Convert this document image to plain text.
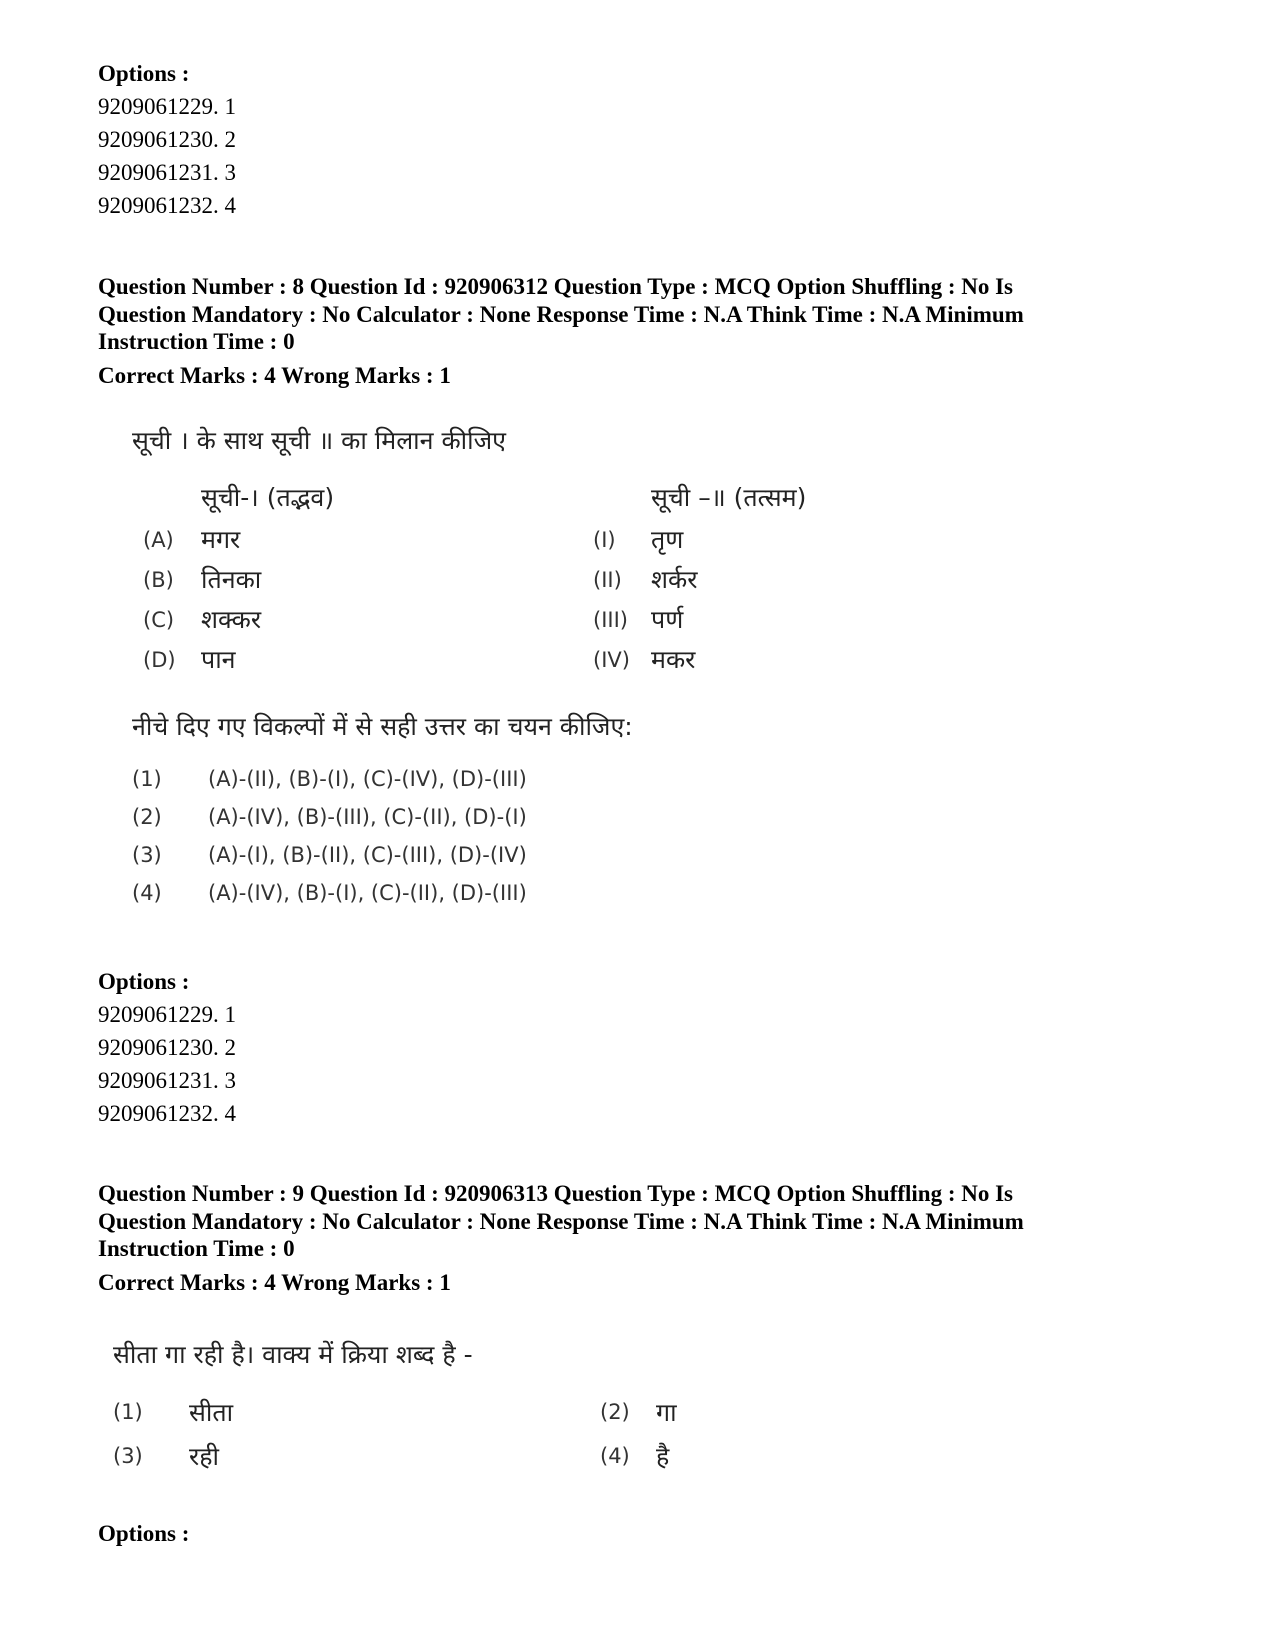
Options :
9209061229. 1
9209061230. 2
9209061231. 3
9209061232. 4
Question Number : 8 Question Id : 920906312 Question Type : MCQ Option Shuffling : No Is
Question Mandatory : No Calculator : None Response Time : N.A Think Time : N.A Minimum
Instruction Time : 0
Correct Marks : 4 Wrong Marks : 1
सूची । के साथ सूची ॥ का मिलान कीजिए
सूची-। (तद्भव)	सूची –॥ (तत्सम)
(A) मगर	(I) तृण
(B) तिनका	(II) शर्कर
(C) शक्कर	(III) पर्ण
(D) पान	(IV) मकर
नीचे दिए गए विकल्पों में से सही उत्तर का चयन कीजिए:
(1) (A)-(II), (B)-(I), (C)-(IV), (D)-(III)
(2) (A)-(IV), (B)-(III), (C)-(II), (D)-(I)
(3) (A)-(I), (B)-(II), (C)-(III), (D)-(IV)
(4) (A)-(IV), (B)-(I), (C)-(II), (D)-(III)
Options :
9209061229. 1
9209061230. 2
9209061231. 3
9209061232. 4
Question Number : 9 Question Id : 920906313 Question Type : MCQ Option Shuffling : No Is
Question Mandatory : No Calculator : None Response Time : N.A Think Time : N.A Minimum
Instruction Time : 0
Correct Marks : 4 Wrong Marks : 1
सीता गा रही है। वाक्य में क्रिया शब्द है -
(1) सीता	(2) गा
(3) रही	(4) है
Options :
